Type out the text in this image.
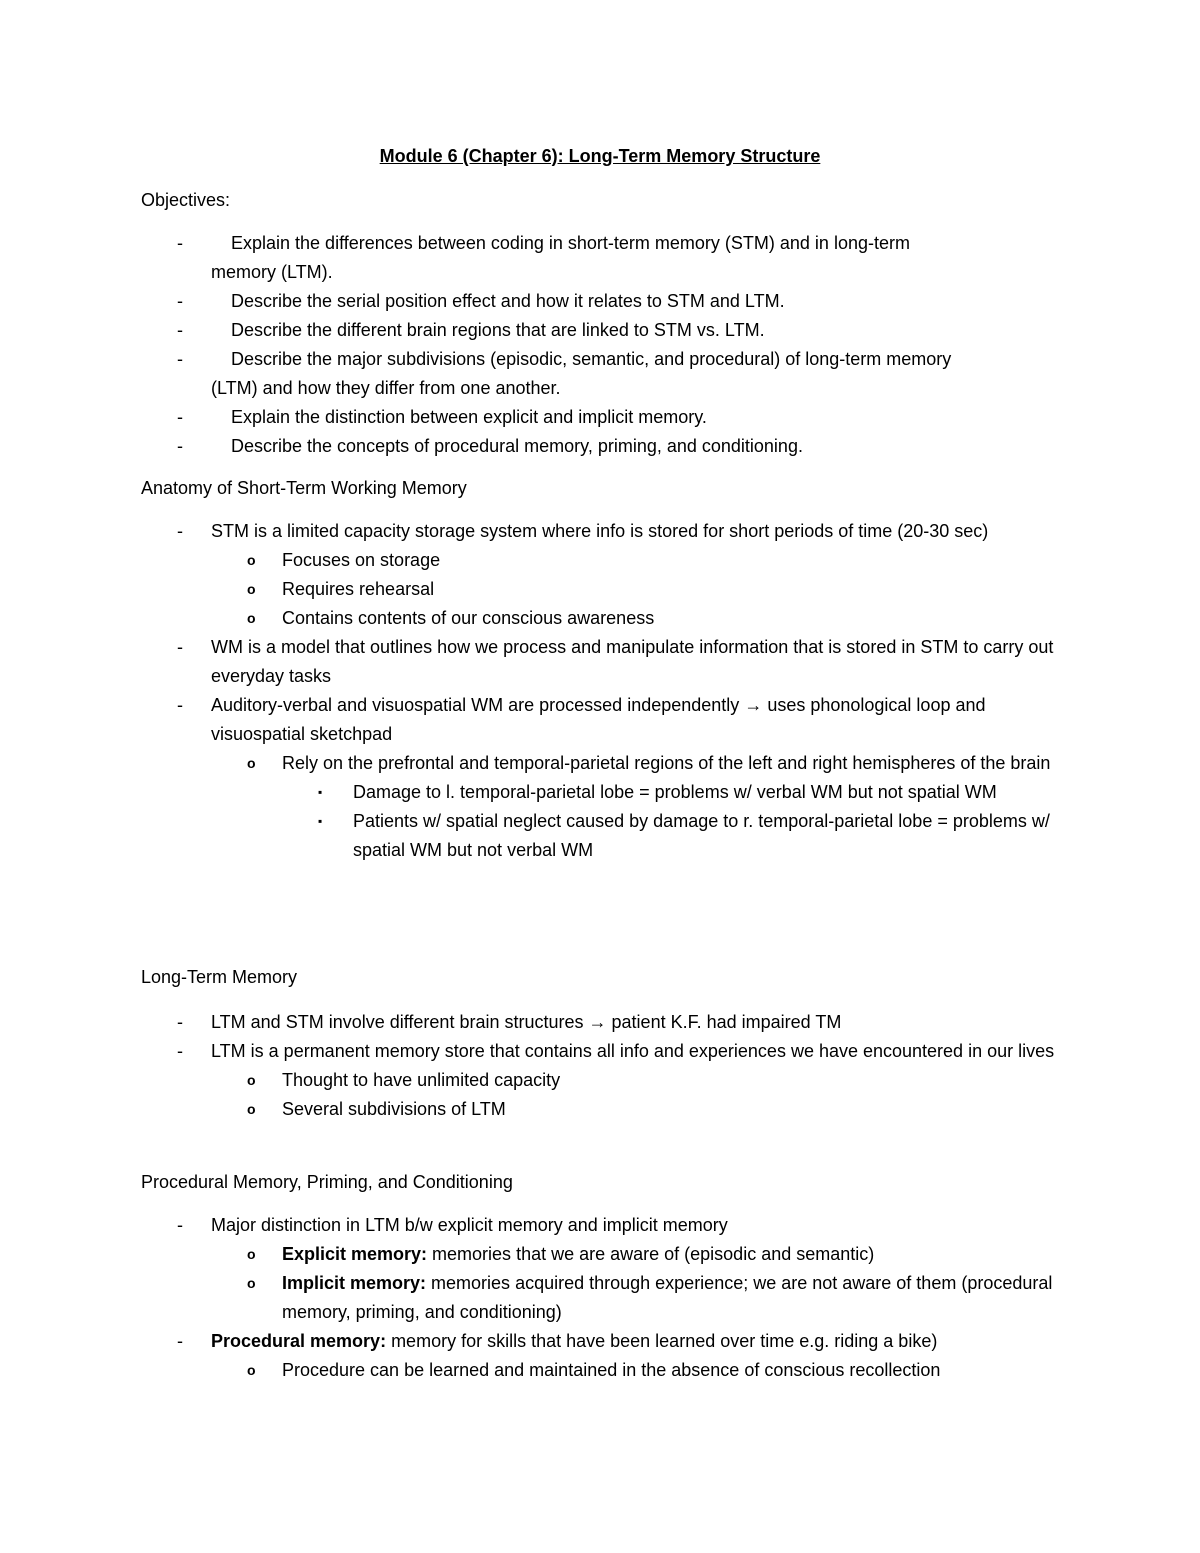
Module 6 (Chapter 6): Long-Term Memory Structure
Objectives:
-	Explain the differences between coding in short-term memory (STM) and in long-term
memory (LTM).
-	Describe the serial position effect and how it relates to STM and LTM.
-	Describe the different brain regions that are linked to STM vs. LTM.
-	Describe the major subdivisions (episodic, semantic, and procedural) of long-term memory
(LTM) and how they differ from one another.
-	Explain the distinction between explicit and implicit memory.
-	Describe the concepts of procedural memory, priming, and conditioning.
Anatomy of Short-Term Working Memory
- STM is a limited capacity storage system where info is stored for short periods of time (20-30 sec)
o Focuses on storage
o Requires rehearsal
o Contains contents of our conscious awareness
- WM is a model that outlines how we process and manipulate information that is stored in STM to carry out everyday tasks
- Auditory-verbal and visuospatial WM are processed independently → uses phonological loop and visuospatial sketchpad
o Rely on the prefrontal and temporal-parietal regions of the left and right hemispheres of the brain
▪ Damage to l. temporal-parietal lobe = problems w/ verbal WM but not spatial WM
▪ Patients w/ spatial neglect caused by damage to r. temporal-parietal lobe = problems w/ spatial WM but not verbal WM
Long-Term Memory
- LTM and STM involve different brain structures → patient K.F. had impaired TM
- LTM is a permanent memory store that contains all info and experiences we have encountered in our lives
o Thought to have unlimited capacity
o Several subdivisions of LTM
Procedural Memory, Priming, and Conditioning
- Major distinction in LTM b/w explicit memory and implicit memory
o Explicit memory: memories that we are aware of (episodic and semantic)
o Implicit memory: memories acquired through experience; we are not aware of them (procedural memory, priming, and conditioning)
- Procedural memory: memory for skills that have been learned over time e.g. riding a bike)
o Procedure can be learned and maintained in the absence of conscious recollection
